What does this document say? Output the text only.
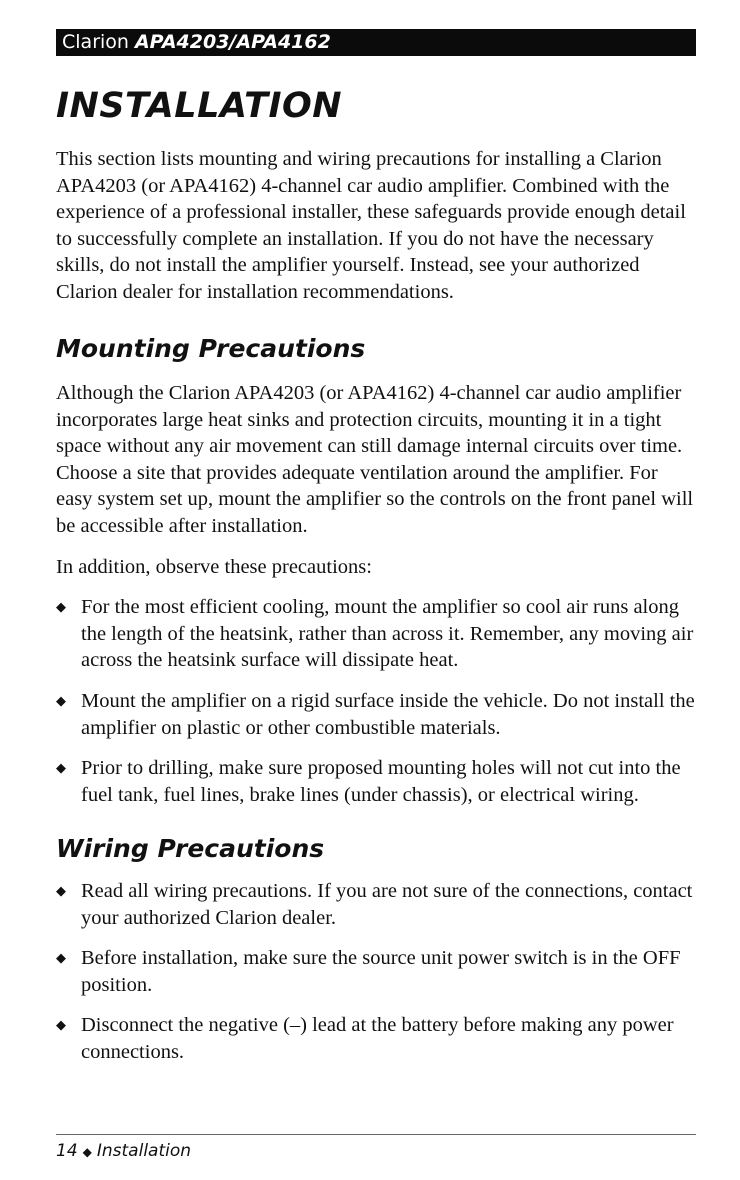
Clarion APA4203/APA4162
INSTALLATION

This section lists mounting and wiring precautions for installing a Clarion APA4203 (or APA4162) 4-channel car audio amplifier. Combined with the experience of a professional installer, these safeguards provide enough detail to successfully complete an installation. If you do not have the necessary skills, do not install the amplifier yourself. Instead, see your authorized Clarion dealer for installation recommendations.

Mounting Precautions

Although the Clarion APA4203 (or APA4162) 4-channel car audio amplifier incorporates large heat sinks and protection circuits, mounting it in a tight space without any air movement can still damage internal circuits over time. Choose a site that provides adequate ventilation around the amplifier. For easy system set up, mount the amplifier so the controls on the front panel will be accessible after installation.

In addition, observe these precautions:

◆ For the most efficient cooling, mount the amplifier so cool air runs along the length of the heatsink, rather than across it. Remember, any moving air across the heatsink surface will dissipate heat.
◆ Mount the amplifier on a rigid surface inside the vehicle. Do not install the amplifier on plastic or other combustible materials.
◆ Prior to drilling, make sure proposed mounting holes will not cut into the fuel tank, fuel lines, brake lines (under chassis), or electrical wiring.
Wiring Precautions
◆ Read all wiring precautions. If you are not sure of the connections, contact your authorized Clarion dealer.
◆ Before installation, make sure the source unit power switch is in the OFF position.
◆ Disconnect the negative (–) lead at the battery before making any power connections.
14 ◆ Installation
